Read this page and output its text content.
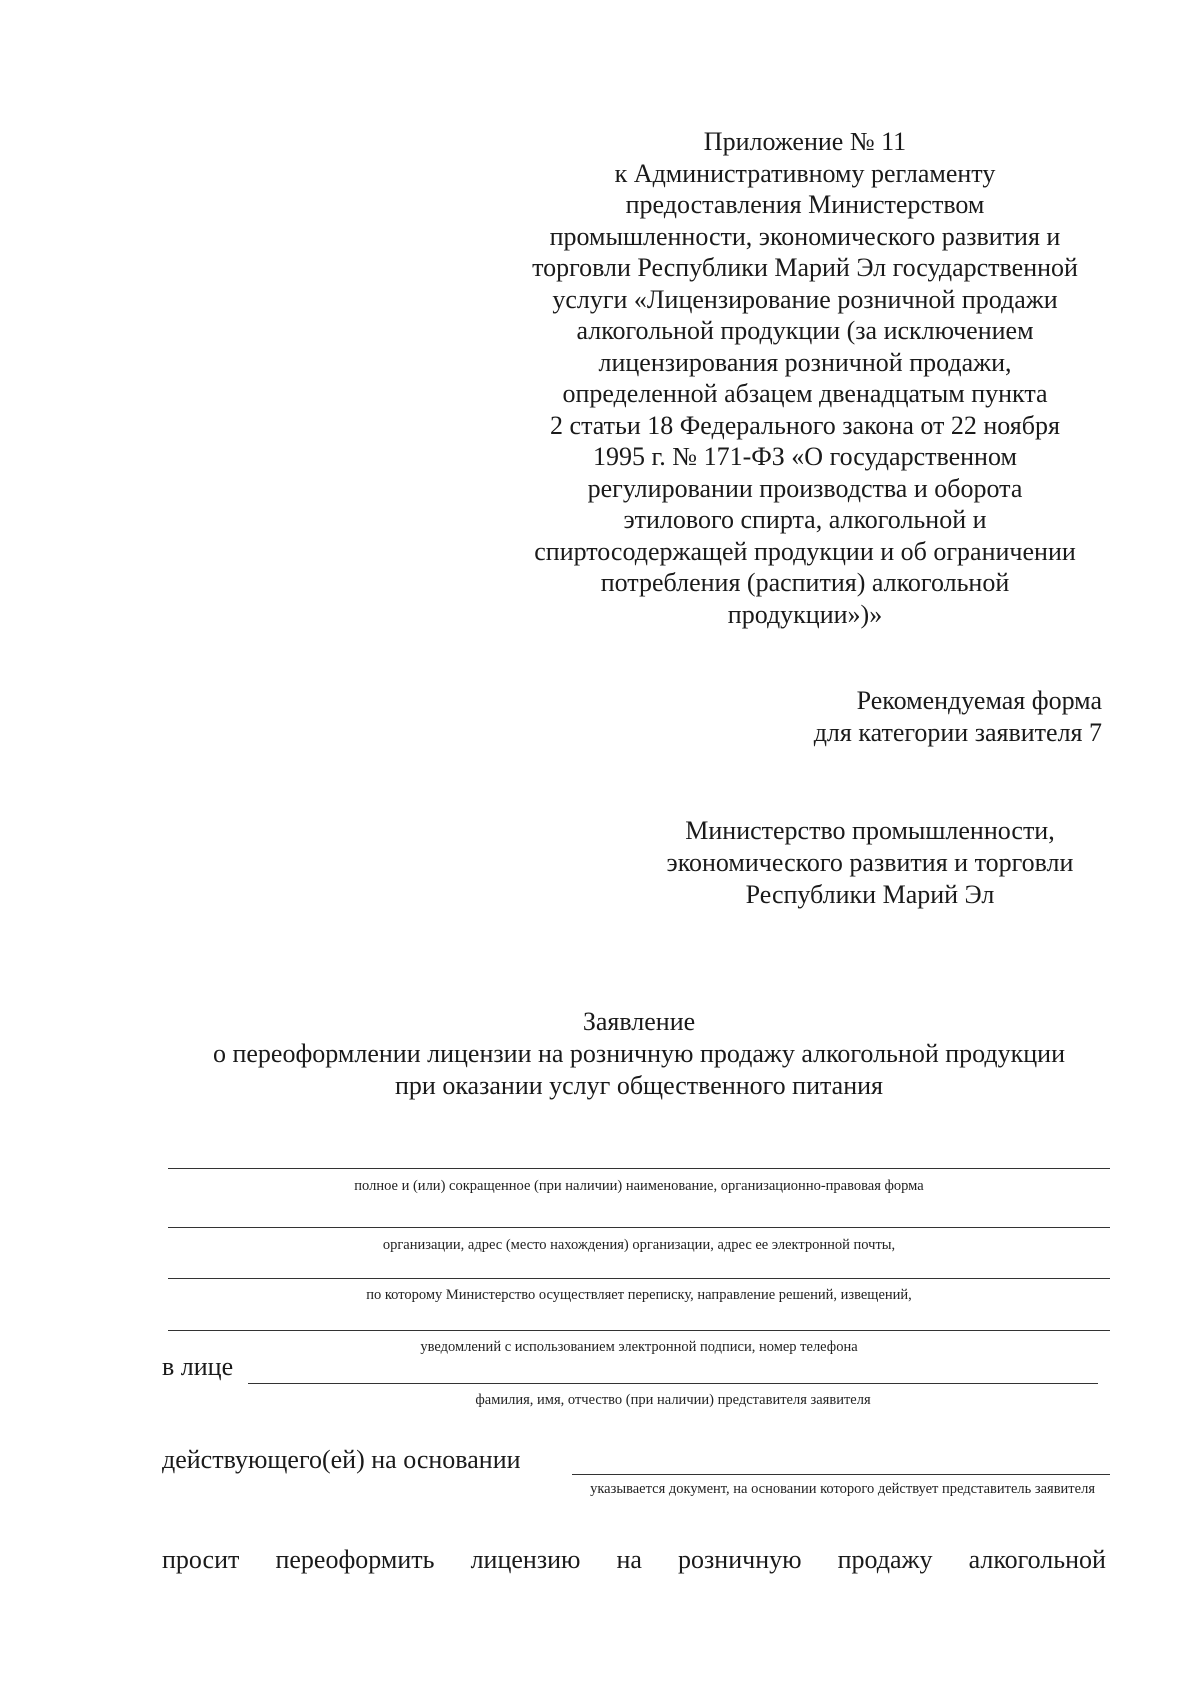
Приложение № 11
к Административному регламенту
предоставления Министерством
промышленности, экономического развития и
торговли Республики Марий Эл государственной
услуги «Лицензирование розничной продажи
алкогольной продукции (за исключением
лицензирования розничной продажи,
определенной абзацем двенадцатым пункта
2 статьи 18 Федерального закона от 22 ноября
1995 г. № 171-ФЗ «О государственном
регулировании производства и оборота
этилового спирта, алкогольной и
спиртосодержащей продукции и об ограничении
потребления (распития) алкогольной
продукции»)»
Рекомендуемая форма
для категории заявителя 7
Министерство промышленности,
экономического развития и торговли
Республики Марий Эл
Заявление
о переоформлении лицензии на розничную продажу алкогольной продукции
при оказании услуг общественного питания
полное и (или) сокращенное (при наличии) наименование, организационно-правовая форма
организации, адрес (место нахождения) организации, адрес ее электронной почты,
по которому Министерство осуществляет переписку, направление решений, извещений,
уведомлений с использованием электронной подписи, номер телефона
в лице
фамилия, имя, отчество (при наличии) представителя заявителя
действующего(ей) на основании
указывается документ, на основании которого действует представитель заявителя
просит переоформить лицензию на розничную продажу алкогольной
